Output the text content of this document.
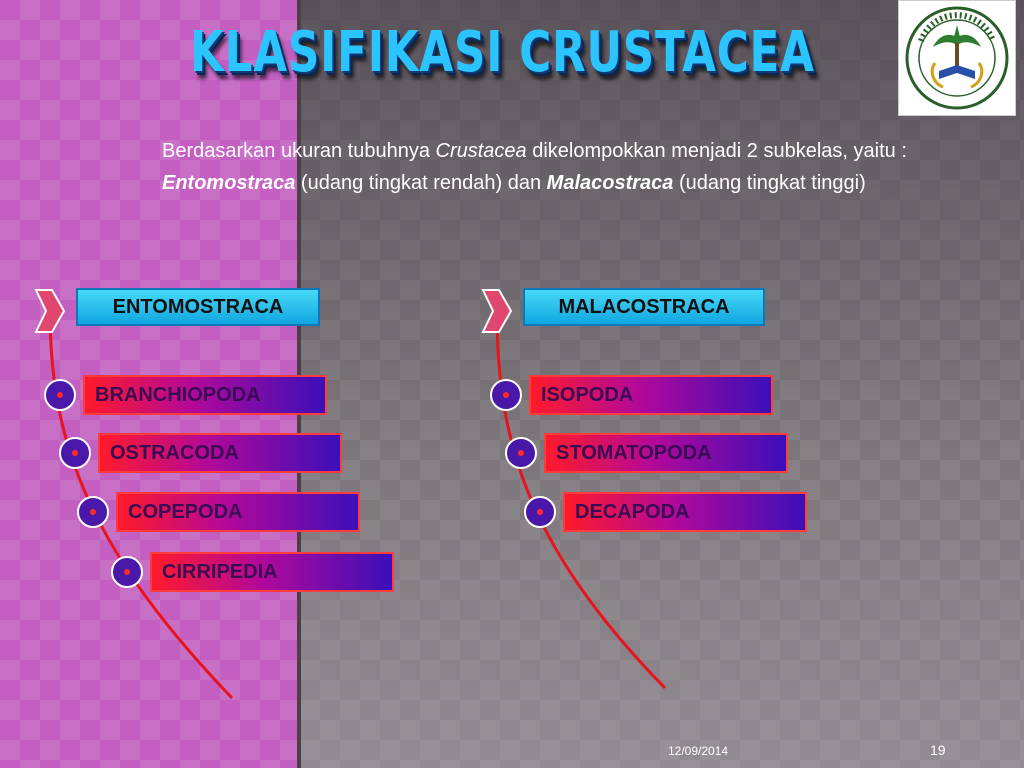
KLASIFIKASI CRUSTACEA

Berdasarkan ukuran tubuhnya Crustacea dikelompokkan menjadi 2 subkelas, yaitu : Entomostraca (udang tingkat rendah) dan Malacostraca (udang tingkat tinggi)

ENTOMOSTRACA
BRANCHIOPODA
OSTRACODA
COPEPODA
CIRRIPEDIA
MALACOSTRACA
ISOPODA
STOMATOPODA
DECAPODA
12/09/2014	19
